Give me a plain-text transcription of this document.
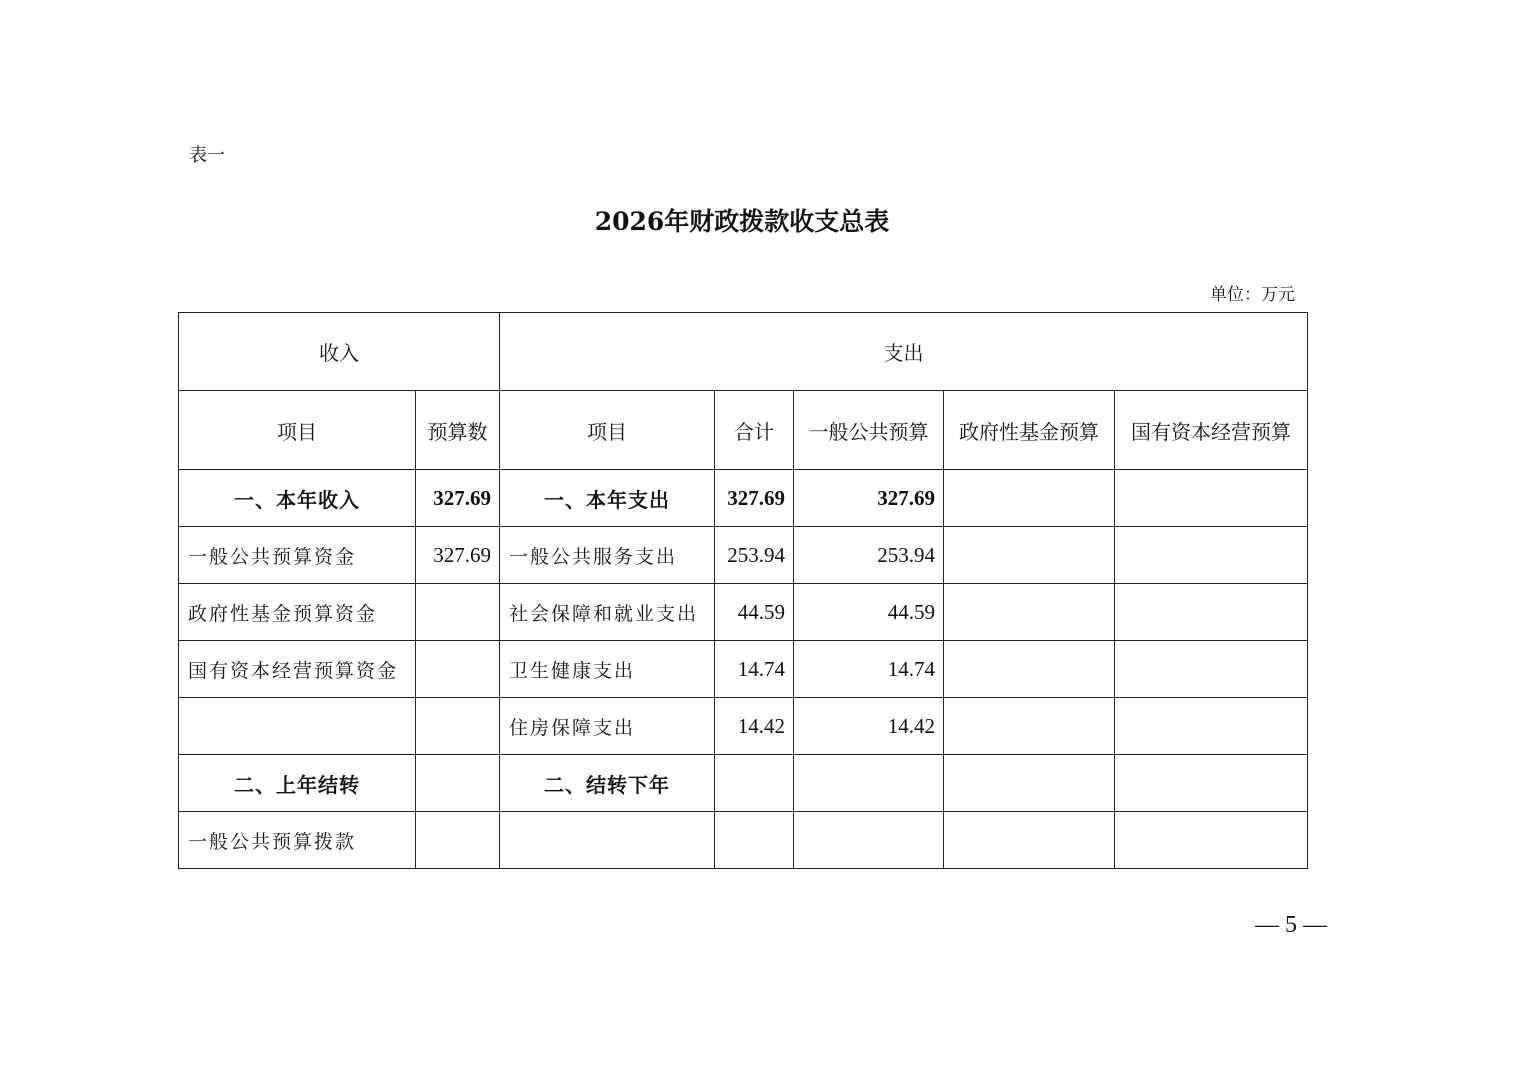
表一
2026年财政拨款收支总表
单位：万元
收入		支出				
项目	预算数	项目	合计	一般公共预算	政府性基金预算	国有资本经营预算
一、本年收入	327.69	一、本年支出	327.69	327.69		
一般公共预算资金	327.69	一般公共服务支出	253.94	253.94		
政府性基金预算资金		社会保障和就业支出	44.59	44.59		
国有资本经营预算资金		卫生健康支出	14.74	14.74		
		住房保障支出	14.42	14.42		
二、上年结转		二、结转下年				
一般公共预算拨款						
— 5 —
